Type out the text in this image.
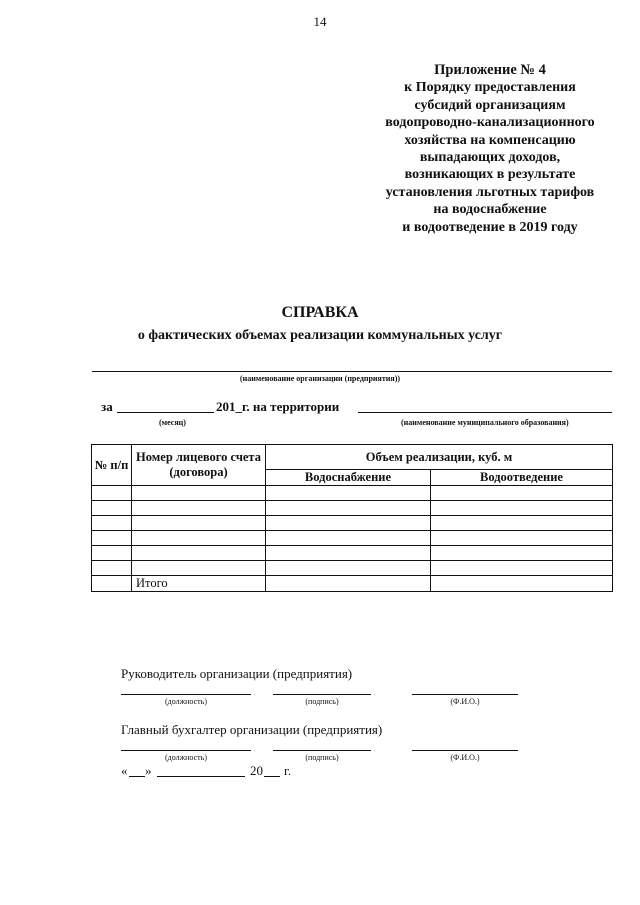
14
Приложение № 4
к Порядку предоставления
субсидий организациям
водопроводно-канализационного
хозяйства на компенсацию
выпадающих доходов,
возникающих в результате
установления льготных тарифов
на водоснабжение
и водоотведение в 2019 году
СПРАВКА
о фактических объемах реализации коммунальных услуг
(наименование организации (предприятия))
за	201_г. на территории
(месяц)	(наименование муниципального образования)
№ п/п	Номер лицевого счета (договора)	Объем реализации, куб. м	
		Водоснабжение	Водоотведение

	Итого		
Руководитель организации (предприятия)
(должность)	(подпись)	(Ф.И.О.)
Главный бухгалтер организации (предприятия)
(должность)	(подпись)	(Ф.И.О.)
« »	20 г.
